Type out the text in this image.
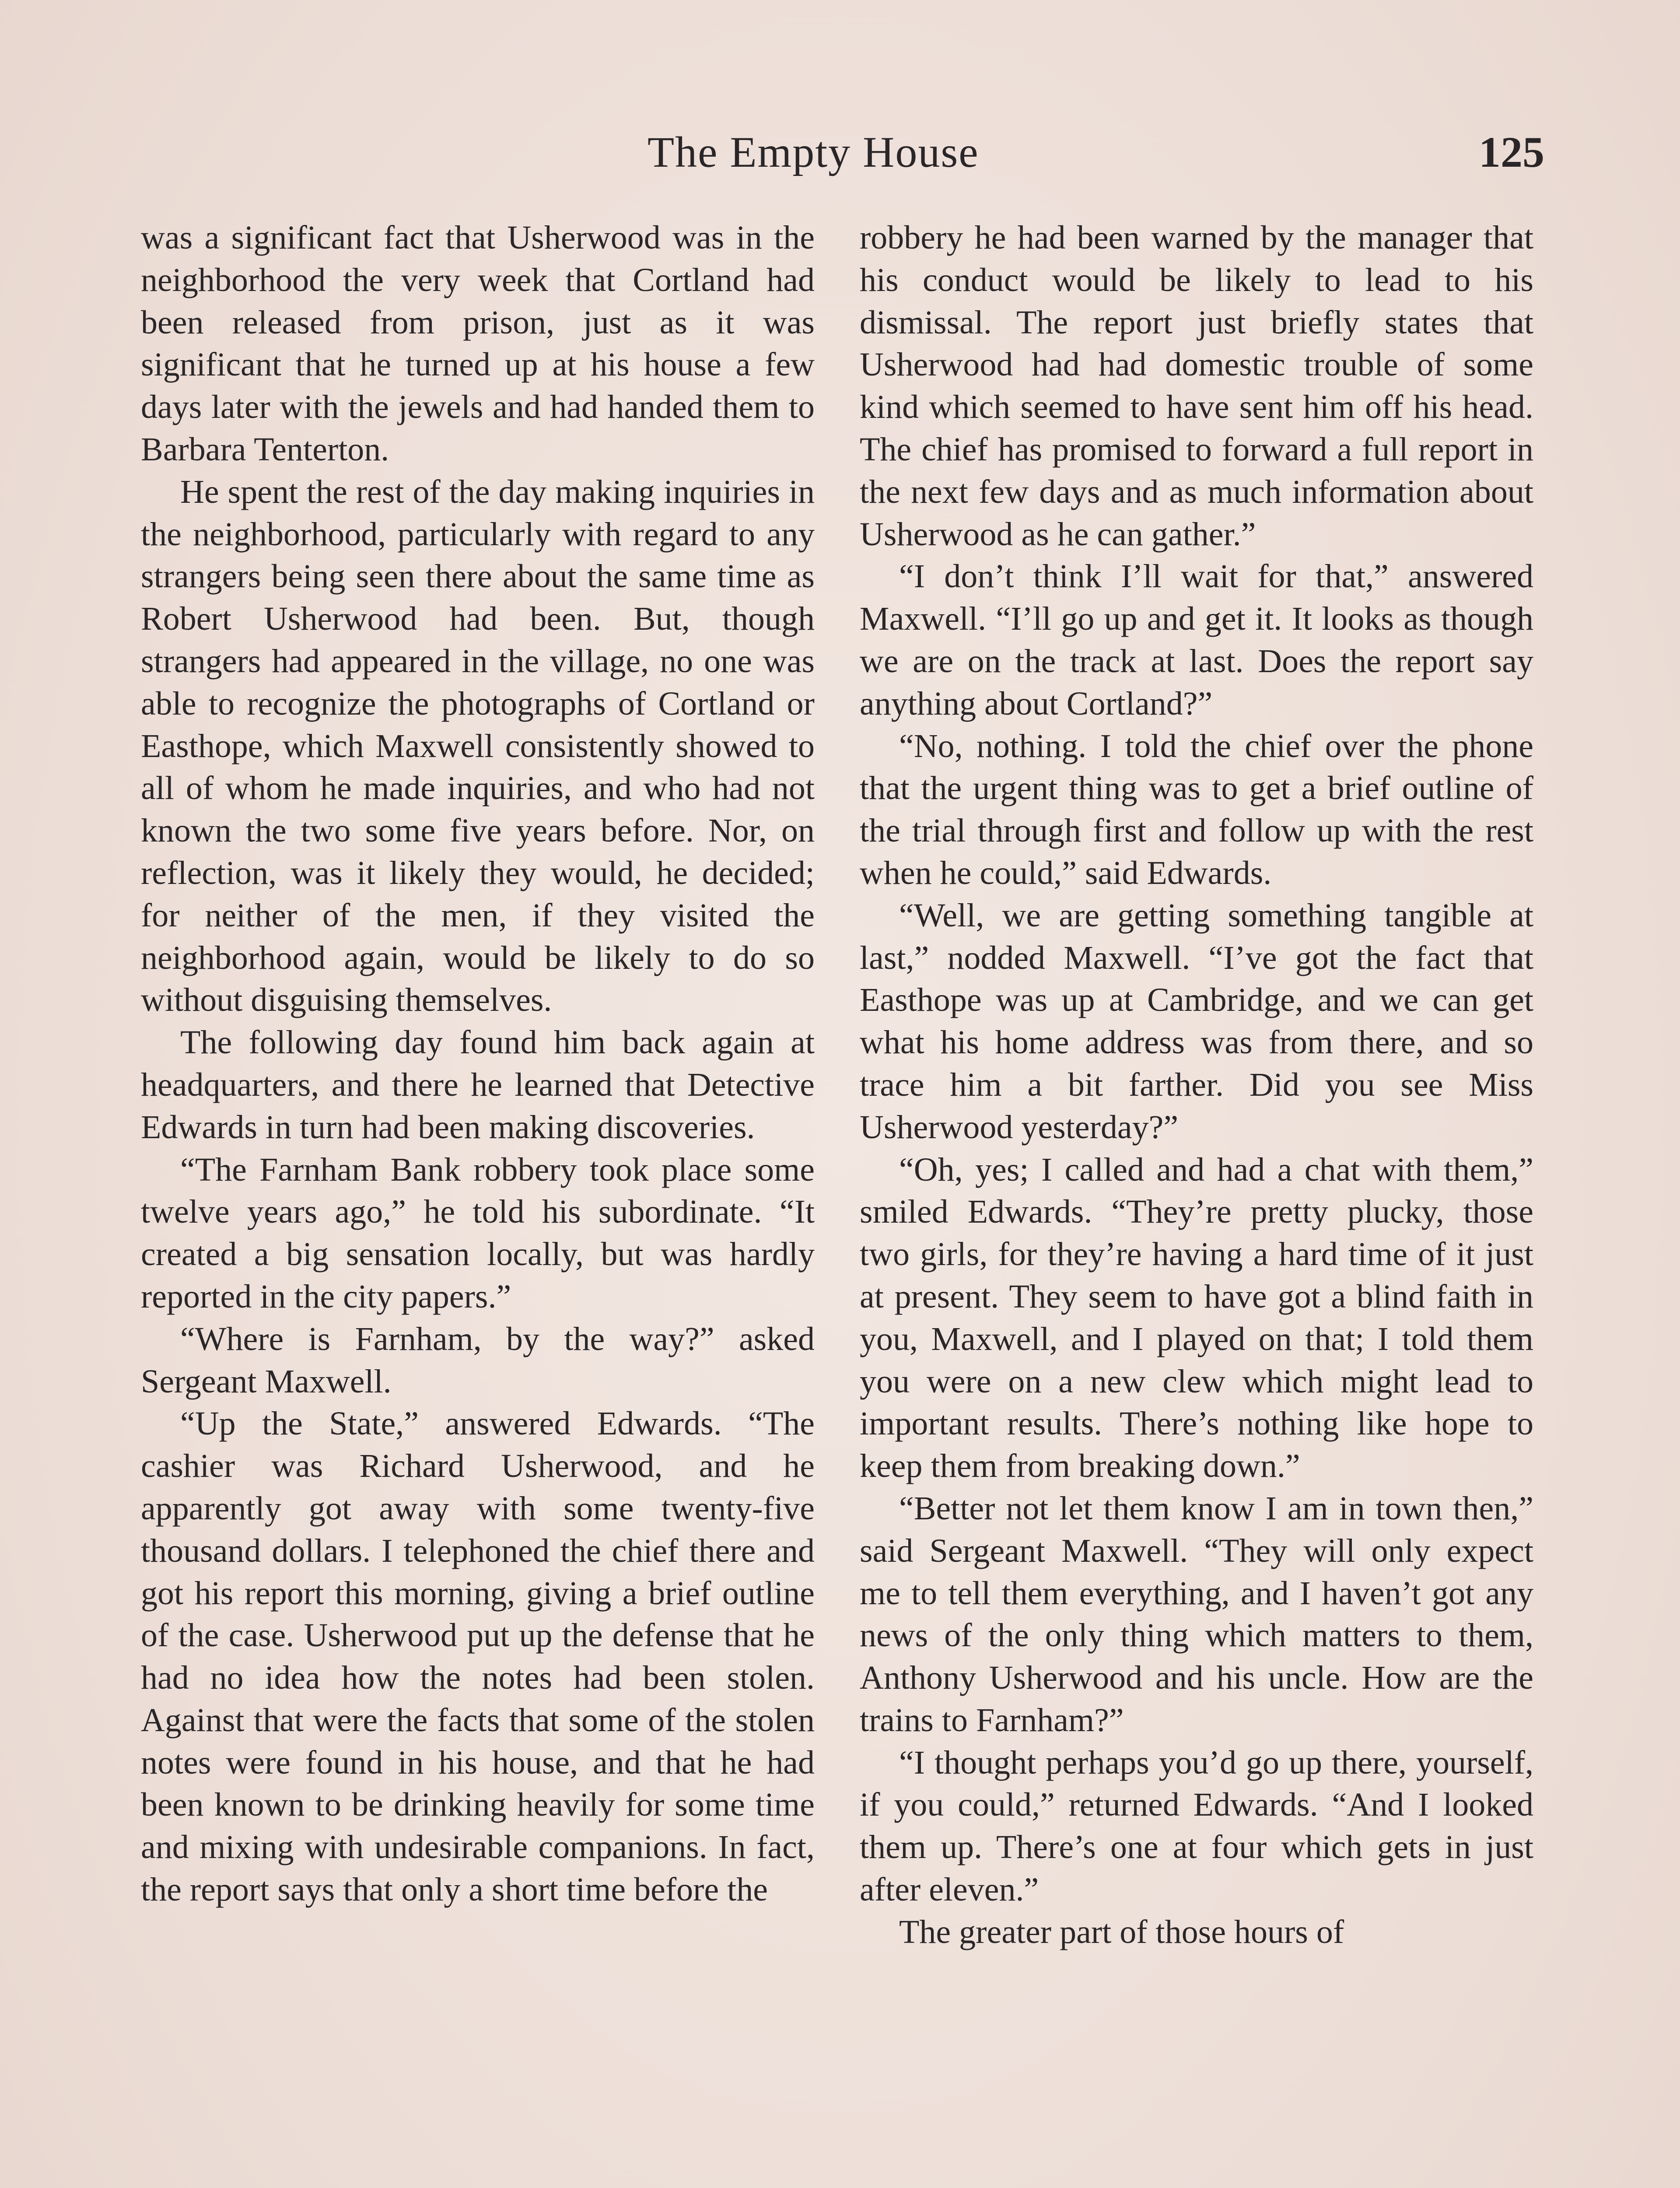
The Empty House	125

was a significant fact that Usherwood was in the neighborhood the very week that Cortland had been released from prison, just as it was significant that he turned up at his house a few days later with the jewels and had handed them to Barbara Tenterton.

He spent the rest of the day making inquiries in the neighborhood, particularly with regard to any strangers being seen there about the same time as Robert Usherwood had been. But, though strangers had appeared in the village, no one was able to recognize the photographs of Cortland or Easthope, which Maxwell consistently showed to all of whom he made inquiries, and who had not known the two some five years before. Nor, on reflection, was it likely they would, he decided; for neither of the men, if they visited the neighborhood again, would be likely to do so without disguising themselves.

The following day found him back again at headquarters, and there he learned that Detective Edwards in turn had been making discoveries.

“The Farnham Bank robbery took place some twelve years ago,” he told his subordinate. “It created a big sensation locally, but was hardly reported in the city papers.”

“Where is Farnham, by the way?” asked Sergeant Maxwell.

“Up the State,” answered Edwards. “The cashier was Richard Usherwood, and he apparently got away with some twenty-five thousand dollars. I telephoned the chief there and got his report this morning, giving a brief outline of the case. Usherwood put up the defense that he had no idea how the notes had been stolen. Against that were the facts that some of the stolen notes were found in his house, and that he had been known to be drinking heavily for some time and mixing with undesirable companions. In fact, the report says that only a short time before the

robbery he had been warned by the manager that his conduct would be likely to lead to his dismissal. The report just briefly states that Usherwood had had domestic trouble of some kind which seemed to have sent him off his head. The chief has promised to forward a full report in the next few days and as much information about Usherwood as he can gather.”

“I don’t think I’ll wait for that,” answered Maxwell. “I’ll go up and get it. It looks as though we are on the track at last. Does the report say anything about Cortland?”

“No, nothing. I told the chief over the phone that the urgent thing was to get a brief outline of the trial through first and follow up with the rest when he could,” said Edwards.

“Well, we are getting something tangible at last,” nodded Maxwell. “I’ve got the fact that Easthope was up at Cambridge, and we can get what his home address was from there, and so trace him a bit farther. Did you see Miss Usherwood yesterday?”

“Oh, yes; I called and had a chat with them,” smiled Edwards. “They’re pretty plucky, those two girls, for they’re having a hard time of it just at present. They seem to have got a blind faith in you, Maxwell, and I played on that; I told them you were on a new clew which might lead to important results. There’s nothing like hope to keep them from breaking down.”

“Better not let them know I am in town then,” said Sergeant Maxwell. “They will only expect me to tell them everything, and I haven’t got any news of the only thing which matters to them, Anthony Usherwood and his uncle. How are the trains to Farnham?”

“I thought perhaps you’d go up there, yourself, if you could,” returned Edwards. “And I looked them up. There’s one at four which gets in just after eleven.”

The greater part of those hours of
